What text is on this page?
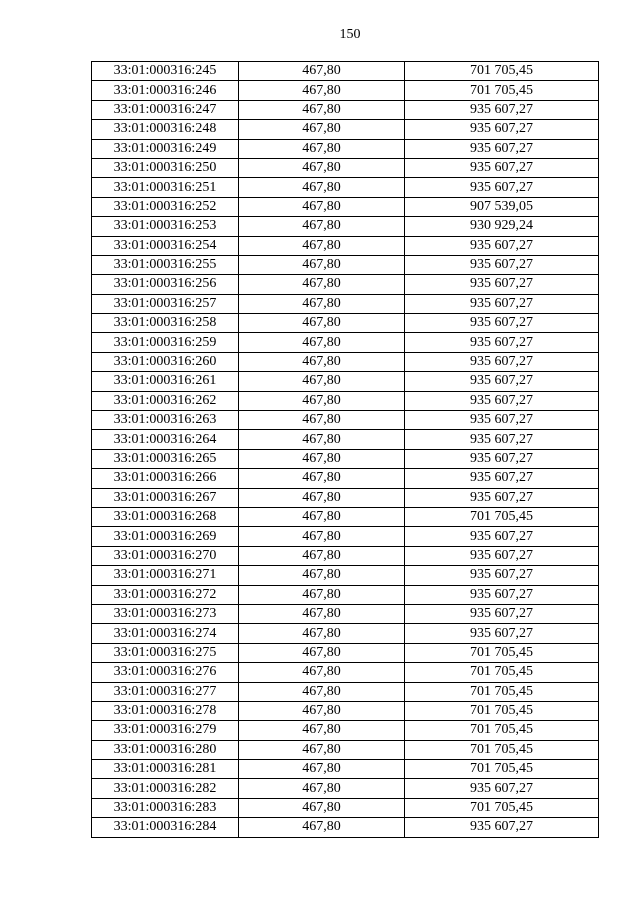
150
33:01:000316:245	467,80	701 705,45
33:01:000316:246	467,80	701 705,45
33:01:000316:247	467,80	935 607,27
33:01:000316:248	467,80	935 607,27
33:01:000316:249	467,80	935 607,27
33:01:000316:250	467,80	935 607,27
33:01:000316:251	467,80	935 607,27
33:01:000316:252	467,80	907 539,05
33:01:000316:253	467,80	930 929,24
33:01:000316:254	467,80	935 607,27
33:01:000316:255	467,80	935 607,27
33:01:000316:256	467,80	935 607,27
33:01:000316:257	467,80	935 607,27
33:01:000316:258	467,80	935 607,27
33:01:000316:259	467,80	935 607,27
33:01:000316:260	467,80	935 607,27
33:01:000316:261	467,80	935 607,27
33:01:000316:262	467,80	935 607,27
33:01:000316:263	467,80	935 607,27
33:01:000316:264	467,80	935 607,27
33:01:000316:265	467,80	935 607,27
33:01:000316:266	467,80	935 607,27
33:01:000316:267	467,80	935 607,27
33:01:000316:268	467,80	701 705,45
33:01:000316:269	467,80	935 607,27
33:01:000316:270	467,80	935 607,27
33:01:000316:271	467,80	935 607,27
33:01:000316:272	467,80	935 607,27
33:01:000316:273	467,80	935 607,27
33:01:000316:274	467,80	935 607,27
33:01:000316:275	467,80	701 705,45
33:01:000316:276	467,80	701 705,45
33:01:000316:277	467,80	701 705,45
33:01:000316:278	467,80	701 705,45
33:01:000316:279	467,80	701 705,45
33:01:000316:280	467,80	701 705,45
33:01:000316:281	467,80	701 705,45
33:01:000316:282	467,80	935 607,27
33:01:000316:283	467,80	701 705,45
33:01:000316:284	467,80	935 607,27
